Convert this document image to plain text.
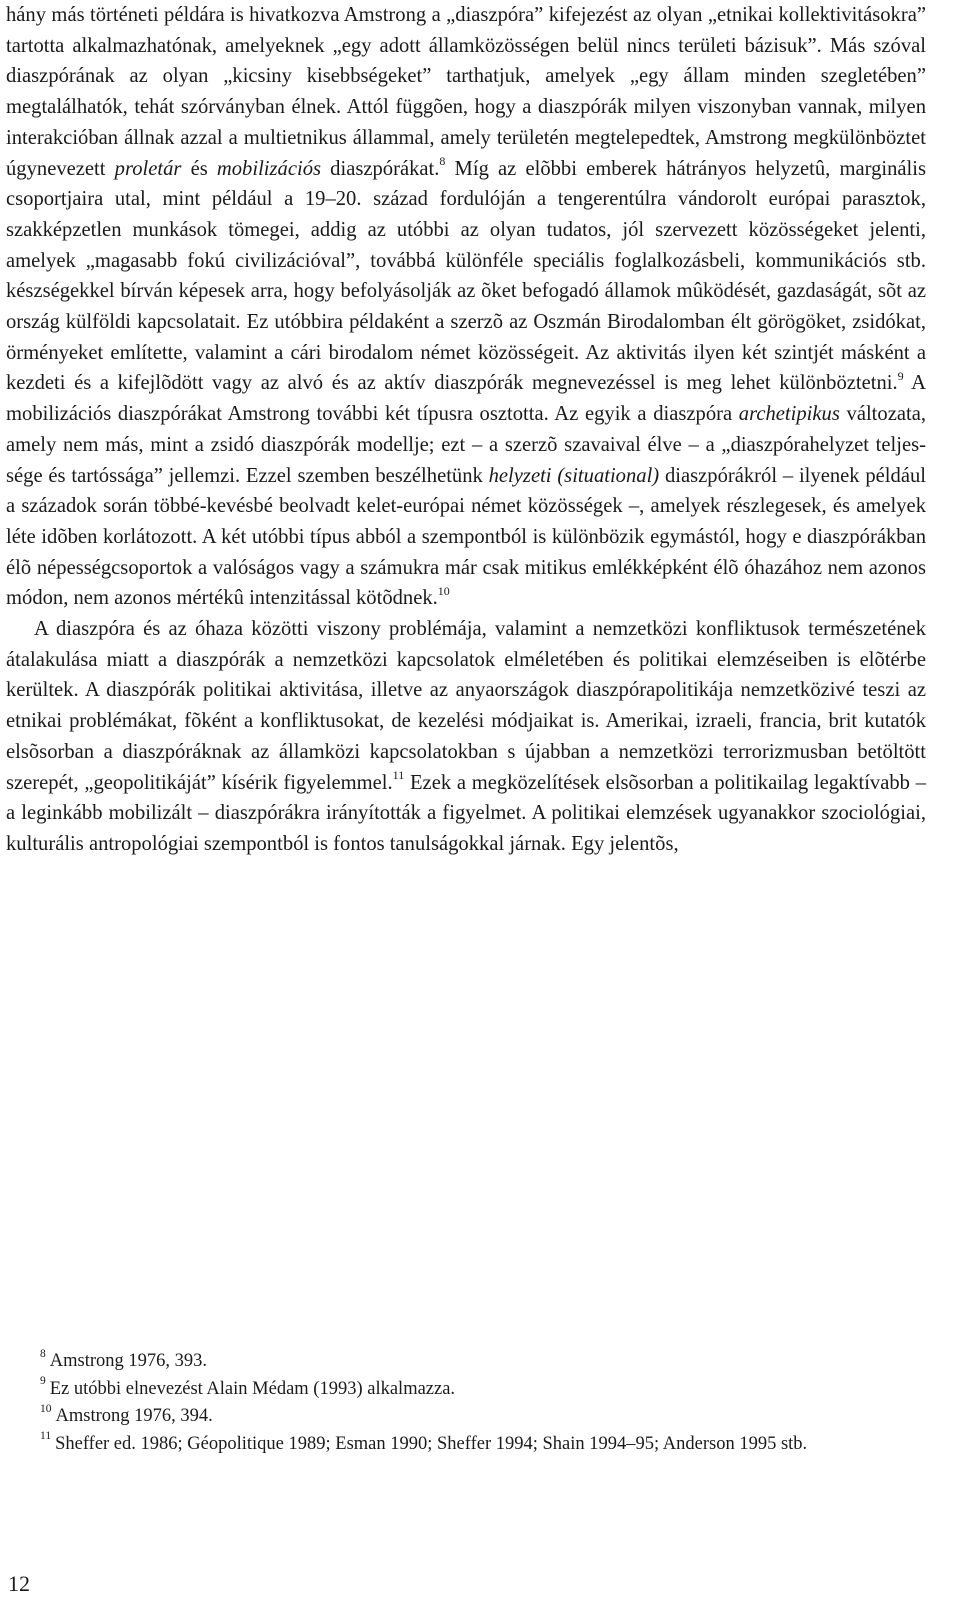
hány más történeti példára is hivatkozva Amstrong a „diaszpóra” kifejezést az olyan „etnikai kollektivitásokra” tartotta alkalmazhatónak, amelyeknek „egy adott államközösségen belül nincs területi bázisuk”. Más szóval diaszpórának az olyan „kicsiny kisebbségeket” tarthatjuk, amelyek „egy állam minden szegletében” megtalálhatók, tehát szórványban élnek. Attól függõen, hogy a diaszpórák milyen viszonyban vannak, milyen interakcióban állnak azzal a multietnikus állammal, amely területén megtelepedtek, Amstrong megkülönböztet úgynevezett proletár és mobilizációs diaszpórákat.$^8$ Míg az elõbbi emberek hátrányos helyzetû, marginális csoportjaira utal, mint például a 19–20. század fordulóján a tengerentúlra vándorolt európai parasztok, szakképzetlen munkások tömegei, addig az utóbbi az olyan tudatos, jól szervezett közösségeket jelenti, amelyek „magasabb fokú civilizációval”, továbbá különféle speciális foglalkozásbeli, kommunikációs stb. készségekkel bírván képesek arra, hogy befolyásolják az õket befogadó államok mûködését, gazdaságát, sõt az ország külföldi kapcsolatait. Ez utóbbira példaként a szerzõ az Oszmán Birodalomban élt görögöket, zsidókat, örményeket említette, valamint a cári birodalom német közösségeit. Az aktivitás ilyen két szintjét másként a kezdeti és a kifejlõdött vagy az alvó és az aktív diaszpórák megnevezéssel is meg lehet különböztetni.$^9$ A mobilizációs diaszpórákat Amstrong további két típusra osztotta. Az egyik a diaszpóra archetipikus változata, amely nem más, mint a zsidó diaszpórák modellje; ezt – a szerzõ szavaival élve – a „diaszpórahelyzet teljessége és tartóssága” jellemzi. Ezzel szemben beszélhetünk helyzeti (situational) diaszpórákról – ilyenek például a századok során többé-kevésbé beolvadt kelet-európai német közösségek –, amelyek részlegesek, és amelyek léte idõben korlátozott. A két utóbbi típus abból a szempontból is különbözik egymástól, hogy e diaszpórákban élõ népességcsoportok a valóságos vagy a számukra már csak mitikus emlékképként élõ óhazához nem azonos módon, nem azonos mértékû intenzitással kötõdnek.$^{10}$

A diaszpóra és az óhaza közötti viszony problémája, valamint a nemzetközi konfliktusok természetének átalakulása miatt a diaszpórák a nemzetközi kapcsolatok elméletében és politikai elemzéseiben is elõtérbe kerültek. A diaszpórák politikai aktivitása, illetve az anyaországok diaszpórapolitikája nemzetközivé teszi az etnikai problémákat, fõként a konfliktusokat, de kezelési módjaikat is. Amerikai, izraeli, francia, brit kutatók elsõsorban a diaszpóráknak az államközi kapcsolatokban s újabban a nemzetközi terrorizmusban betöltött szerepét, „geopolitikáját” kísérik figyelemmel.$^{11}$ Ezek a megközelítések elsõsorban a politikailag legaktívabb – a leginkább mobilizált – diaszpórákra irányították a figyelmet. A politikai elemzések ugyanakkor szociológiai, kulturális antropológiai szempontból is fontos tanulságokkal járnak. Egy jelentõs,

$^8$ Amstrong 1976, 393.

$^9$ Ez utóbbi elnevezést Alain Médam (1993) alkalmazza.

$^{10}$ Amstrong 1976, 394.

$^{11}$ Sheffer ed. 1986; Géopolitique 1989; Esman 1990; Sheffer 1994; Shain 1994–95; Anderson 1995 stb.

12
